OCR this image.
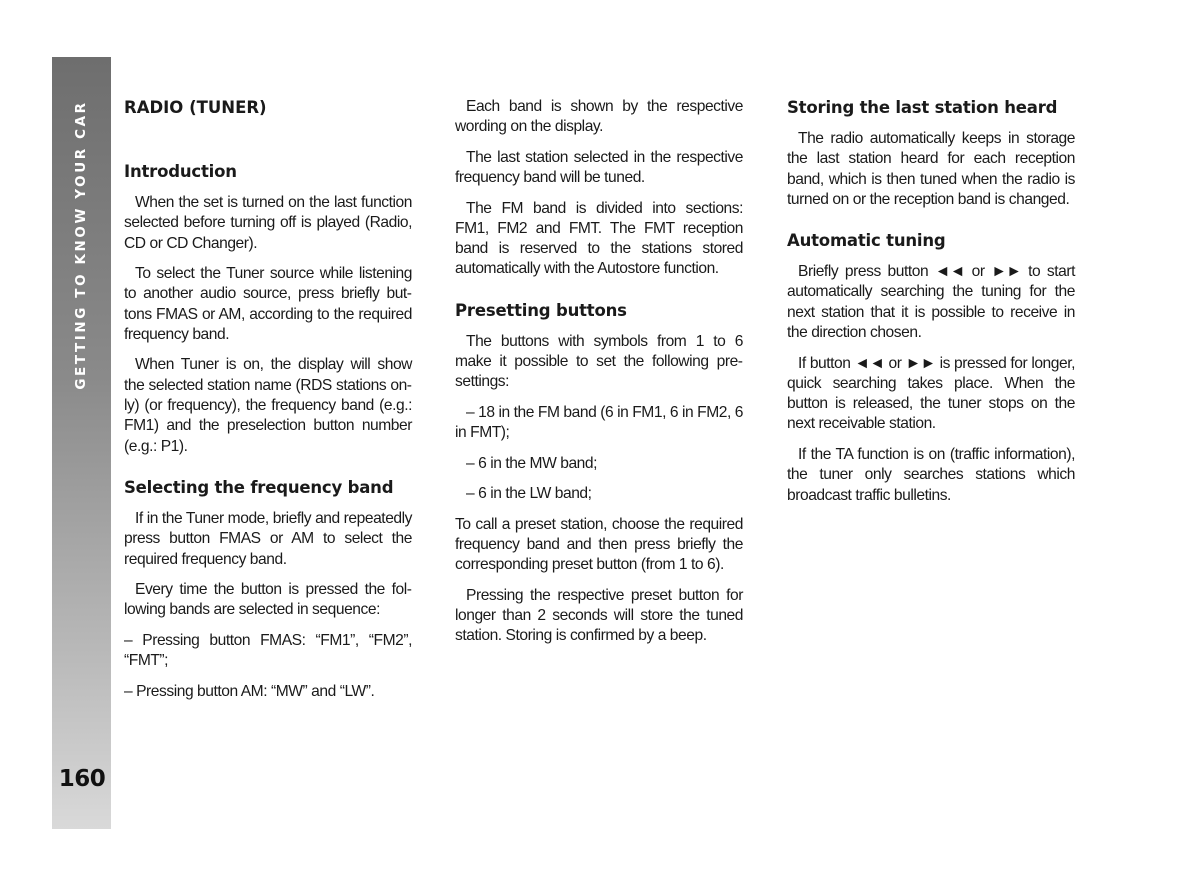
GETTING TO KNOW YOUR CAR
160
RADIO (TUNER)
Introduction

When the set is turned on the last function selected before turning off is played (Radio, CD or CD Changer).

To select the Tuner source while listening to another audio source, press briefly buttons FMAS or AM, according to the required frequency band.

When Tuner is on, the display will show the selected station name (RDS stations only) (or frequency), the frequency band (e.g.: FM1) and the preselection button number (e.g.: P1).

Selecting the frequency band

If in the Tuner mode, briefly and repeatedly press button FMAS or AM to select the required frequency band.

Every time the button is pressed the following bands are selected in sequence:

– Pressing button FMAS: “FM1”, “FM2”, “FMT”;

– Pressing button AM: “MW” and “LW”.

Each band is shown by the respective wording on the display.

The last station selected in the respective frequency band will be tuned.

The FM band is divided into sections: FM1, FM2 and FMT. The FMT reception band is reserved to the stations stored automatically with the Autostore function.

Presetting buttons

The buttons with symbols from 1 to 6 make it possible to set the following presettings:

– 18 in the FM band (6 in FM1, 6 in FM2, 6 in FMT);

– 6 in the MW band;

– 6 in the LW band;

To call a preset station, choose the required frequency band and then press briefly the corresponding preset button (from 1 to 6).

Pressing the respective preset button for longer than 2 seconds will store the tuned station. Storing is confirmed by a beep.

Storing the last station heard

The radio automatically keeps in storage the last station heard for each reception band, which is then tuned when the radio is turned on or the reception band is changed.

Automatic tuning

Briefly press button ◄◄ or ►► to start automatically searching the tuning for the next station that it is possible to receive in the direction chosen.

If button ◄◄ or ►► is pressed for longer, quick searching takes place. When the button is released, the tuner stops on the next receivable station.

If the TA function is on (traffic information), the tuner only searches stations which broadcast traffic bulletins.
